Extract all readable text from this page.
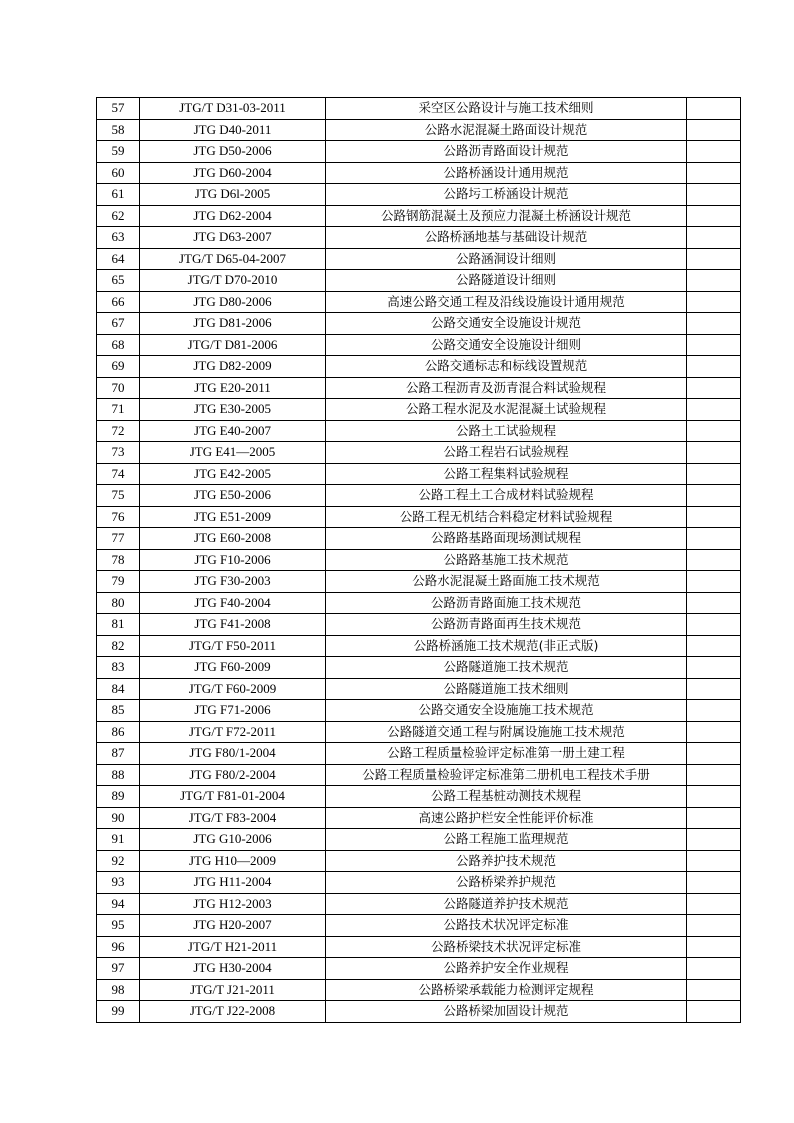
57	JTG/T D31-03-2011	采空区公路设计与施工技术细则	
58	JTG D40-2011	公路水泥混凝土路面设计规范	
59	JTG D50-2006	公路沥青路面设计规范	
60	JTG D60-2004	公路桥涵设计通用规范	
61	JTG D6l-2005	公路圬工桥涵设计规范	
62	JTG D62-2004	公路钢筋混凝土及预应力混凝土桥涵设计规范	
63	JTG D63-2007	公路桥涵地基与基础设计规范	
64	JTG/T D65-04-2007	公路涵洞设计细则	
65	JTG/T D70-2010	公路隧道设计细则	
66	JTG D80-2006	高速公路交通工程及沿线设施设计通用规范	
67	JTG D81-2006	公路交通安全设施设计规范	
68	JTG/T D81-2006	公路交通安全设施设计细则	
69	JTG D82-2009	公路交通标志和标线设置规范	
70	JTG E20-2011	公路工程沥青及沥青混合料试验规程	
71	JTG E30-2005	公路工程水泥及水泥混凝土试验规程	
72	JTG E40-2007	公路土工试验规程	
73	JTG E41—2005	公路工程岩石试验规程	
74	JTG E42-2005	公路工程集料试验规程	
75	JTG E50-2006	公路工程土工合成材料试验规程	
76	JTG E51-2009	公路工程无机结合料稳定材料试验规程	
77	JTG E60-2008	公路路基路面现场测试规程	
78	JTG F10-2006	公路路基施工技术规范	
79	JTG F30-2003	公路水泥混凝土路面施工技术规范	
80	JTG F40-2004	公路沥青路面施工技术规范	
81	JTG F41-2008	公路沥青路面再生技术规范	
82	JTG/T F50-2011	公路桥涵施工技术规范(非正式版)	
83	JTG F60-2009	公路隧道施工技术规范	
84	JTG/T F60-2009	公路隧道施工技术细则	
85	JTG F71-2006	公路交通安全设施施工技术规范	
86	JTG/T F72-2011	公路隧道交通工程与附属设施施工技术规范	
87	JTG F80/1-2004	公路工程质量检验评定标准第一册土建工程	
88	JTG F80/2-2004	公路工程质量检验评定标准第二册机电工程技术手册	
89	JTG/T F81-01-2004	公路工程基桩动测技术规程	
90	JTG/T F83-2004	高速公路护栏安全性能评价标准	
91	JTG G10-2006	公路工程施工监理规范	
92	JTG H10—2009	公路养护技术规范	
93	JTG H11-2004	公路桥梁养护规范	
94	JTG H12-2003	公路隧道养护技术规范	
95	JTG H20-2007	公路技术状况评定标准	
96	JTG/T H21-2011	公路桥梁技术状况评定标准	
97	JTG H30-2004	公路养护安全作业规程	
98	JTG/T J21-2011	公路桥梁承载能力检测评定规程	
99	JTG/T J22-2008	公路桥梁加固设计规范	
